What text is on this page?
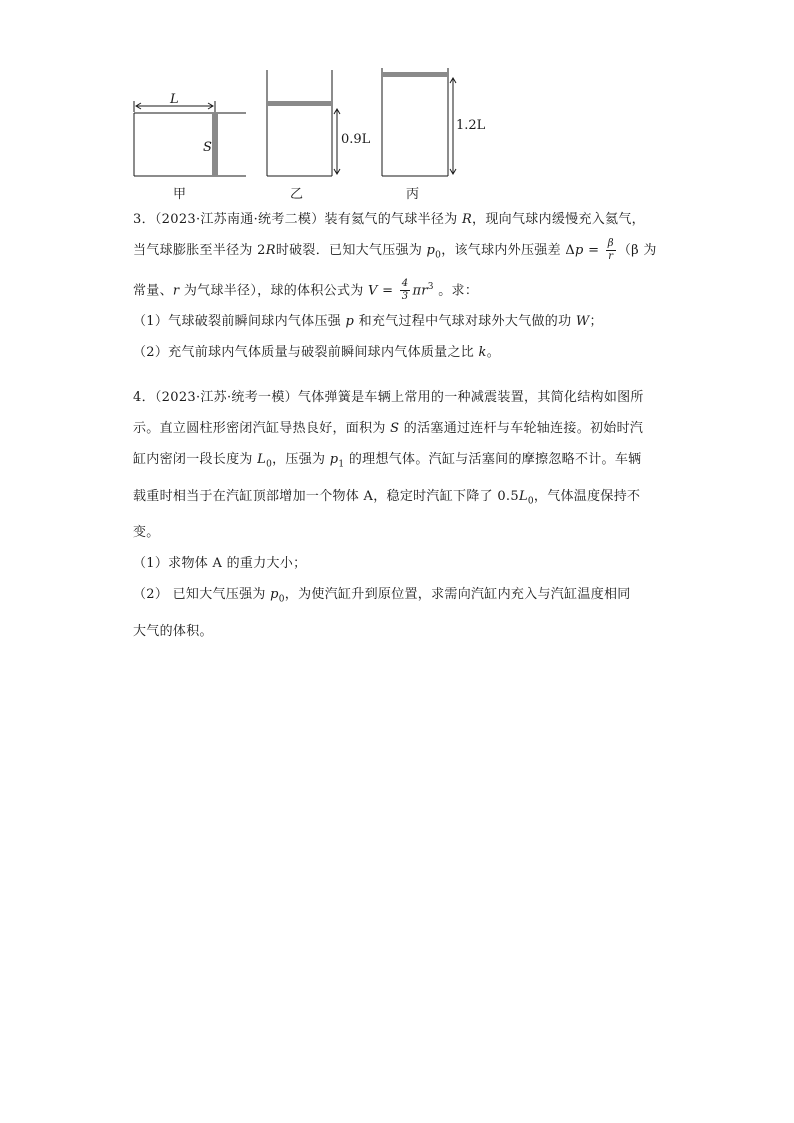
L
S
0.9L
1.2L
甲	乙	丙
3．（2023·江苏南通·统考二模）装有氦气的气球半径为 R，现向气球内缓慢充入氦气，
当气球膨胀至半径为 2R时破裂．已知大气压强为 $p_0$，该气球内外压强差 $\Delta p = \frac{\beta}{r} (\beta$ 为
常量、r 为气球半径），球的体积公式为 $V = \frac{4}{3} \pi r^3$ 。求：
（1）气球破裂前瞬间球内气体压强 p 和充气过程中气球对球外大气做的功 W；
（2）充气前球内气体质量与破裂前瞬间球内气体质量之比 k。
4．（2023·江苏·统考一模）气体弹簧是车辆上常用的一种减震装置，其简化结构如图所
示。直立圆柱形密闭汽缸导热良好，面积为 S 的活塞通过连杆与车轮轴连接。初始时汽
缸内密闭一段长度为 $L_0$，压强为 $p_1$ 的理想气体。汽缸与活塞间的摩擦忽略不计。车辆
载重时相当于在汽缸顶部增加一个物体 A，稳定时汽缸下降了 $0.5L_0$，气体温度保持不
变。
（1）求物体 A 的重力大小；
（2） 已知大气压强为 $p_0$，为使汽缸升到原位置，求需向汽缸内充入与汽缸温度相同
大气的体积。
